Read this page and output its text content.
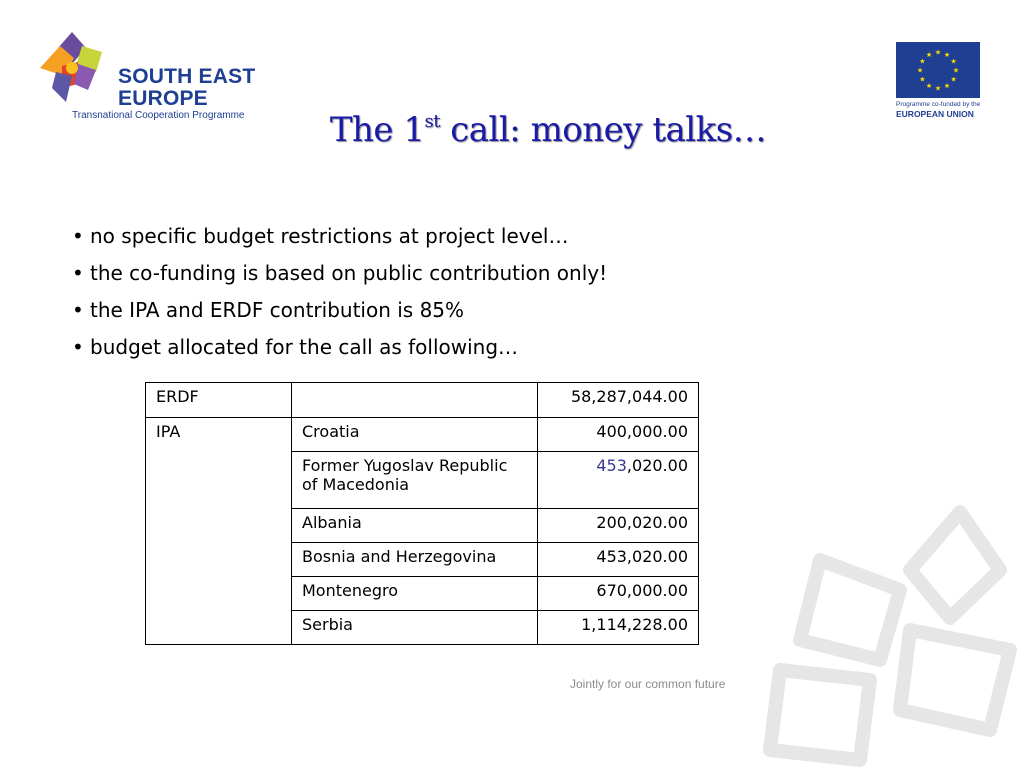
SOUTH EAST
EUROPE
Transnational Cooperation Programme
★ ★
★
★
★
★
★
★
★
★
★
★
Programme co-funded by the
EUROPEAN UNION
The 1st call: money talks…
• no specific budget restrictions at project level…
• the co-funding is based on public contribution only!
• the IPA and ERDF contribution is 85%
• budget allocated for the call as following…
ERDF		58,287,044.00
IPA	Croatia	400,000.00
	Former Yugoslav Republic of Macedonia	453,020.00
	Albania	200,020.00
	Bosnia and Herzegovina	453,020.00
	Montenegro	670,000.00
	Serbia	1,114,228.00
Jointly for our common future
